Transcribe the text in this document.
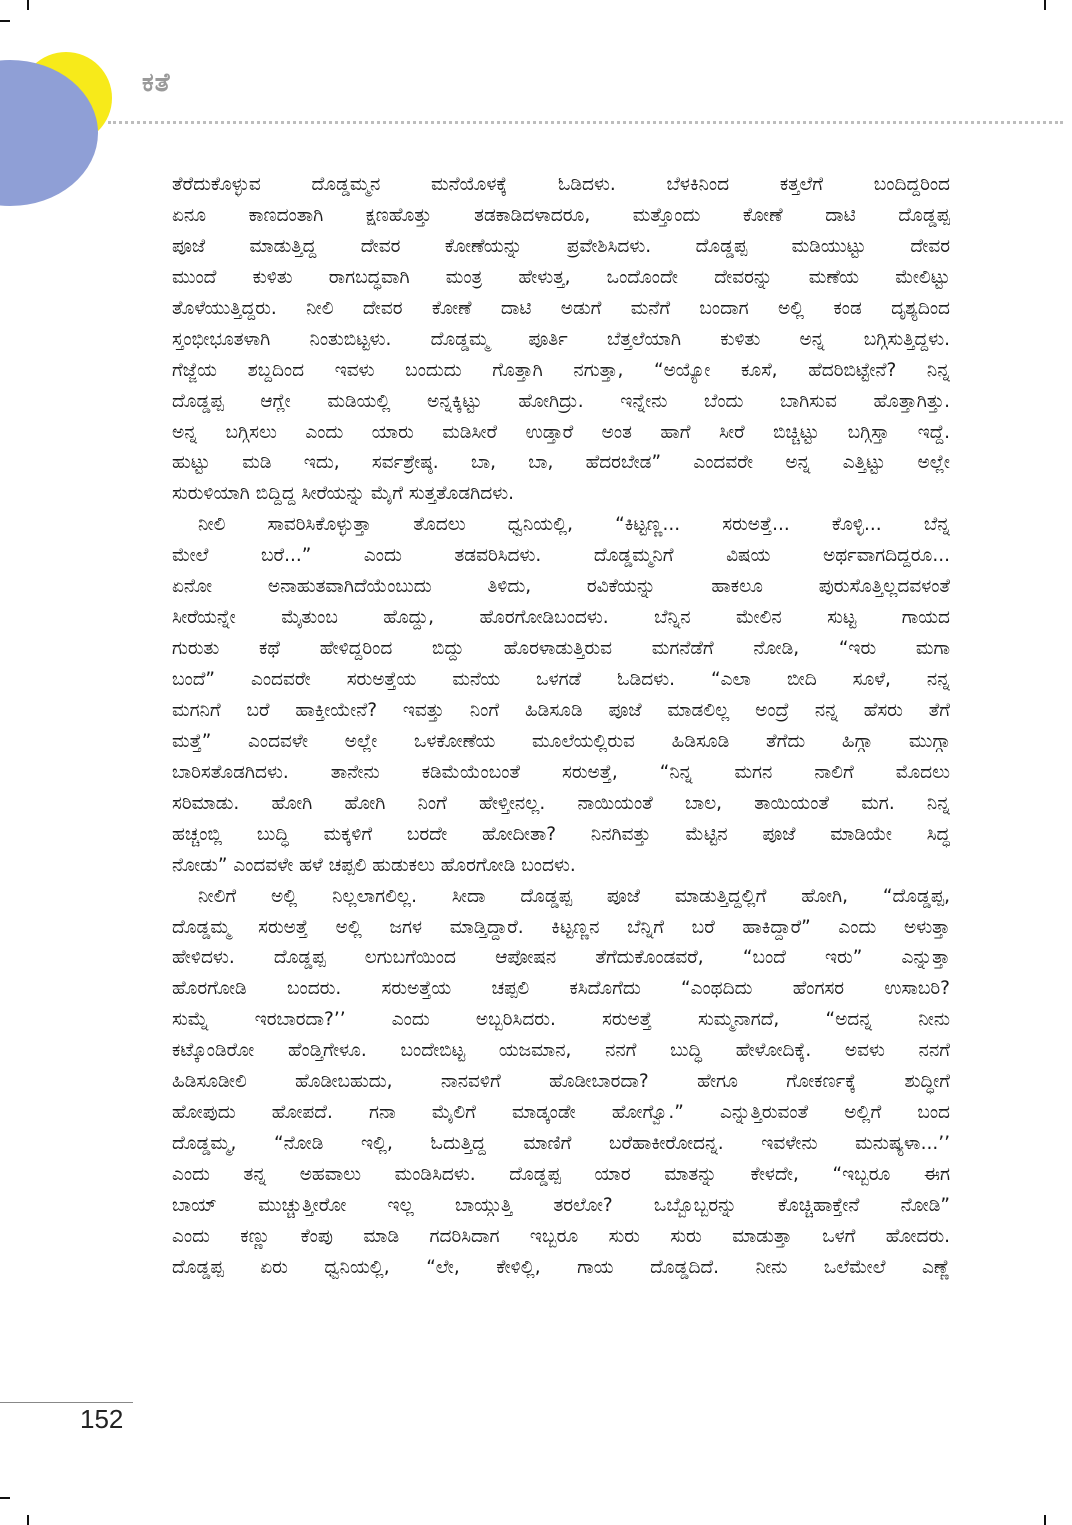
ಕತೆ
ತೆರೆದುಕೊಳ್ಳುವ ದೊಡ್ಡಮ್ಮನ ಮನೆಯೊಳಕ್ಕೆ ಓಡಿದಳು. ಬೆಳಕಿನಿಂದ ಕತ್ತಲೆಗೆ ಬಂದಿದ್ದರಿಂದ
ಏನೂ ಕಾಣದಂತಾಗಿ ಕ್ಷಣಹೊತ್ತು ತಡಕಾಡಿದಳಾದರೂ, ಮತ್ತೊಂದು ಕೋಣೆ ದಾಟಿ ದೊಡ್ಡಪ್ಪ
ಪೂಜೆ ಮಾಡುತ್ತಿದ್ದ ದೇವರ ಕೋಣೆಯನ್ನು ಪ್ರವೇಶಿಸಿದಳು. ದೊಡ್ಡಪ್ಪ ಮಡಿಯುಟ್ಟು ದೇವರ
ಮುಂದೆ ಕುಳಿತು ರಾಗಬದ್ಧವಾಗಿ ಮಂತ್ರ ಹೇಳುತ್ತ, ಒಂದೊಂದೇ ದೇವರನ್ನು ಮಣೆಯ ಮೇಲಿಟ್ಟು
ತೊಳೆಯುತ್ತಿದ್ದರು. ನೀಲಿ ದೇವರ ಕೋಣೆ ದಾಟಿ ಅಡುಗೆ ಮನೆಗೆ ಬಂದಾಗ ಅಲ್ಲಿ ಕಂಡ ದೃಶ್ಯದಿಂದ
ಸ್ತಂಭೀಭೂತಳಾಗಿ ನಿಂತುಬಿಟ್ಟಳು. ದೊಡ್ಡಮ್ಮ ಪೂರ್ತಿ ಬೆತ್ತಲೆಯಾಗಿ ಕುಳಿತು ಅನ್ನ ಬಗ್ಗಿಸುತ್ತಿದ್ದಳು.
ಗೆಜ್ಜೆಯ ಶಬ್ದದಿಂದ ಇವಳು ಬಂದುದು ಗೊತ್ತಾಗಿ ನಗುತ್ತಾ, “ಅಯ್ಯೋ ಕೂಸೆ, ಹೆದರಿಬಿಟ್ಟೇನೆ? ನಿನ್ನ
ದೊಡ್ಡಪ್ಪ ಆಗ್ಲೇ ಮಡಿಯಲ್ಲಿ ಅನ್ನಕ್ಕಿಟ್ಟು ಹೋಗಿದ್ರು. ಇನ್ನೇನು ಬೆಂದು ಬಾಗಿಸುವ ಹೊತ್ತಾಗಿತ್ತು.
ಅನ್ನ ಬಗ್ಗಿಸಲು ಎಂದು ಯಾರು ಮಡಿಸೀರೆ ಉಡ್ತಾರೆ ಅಂತ ಹಾಗೆ ಸೀರೆ ಬಿಚ್ಚಿಟ್ಟು ಬಗ್ಗಿಸ್ತಾ ಇದ್ದೆ.
ಹುಟ್ಟು ಮಡಿ ಇದು, ಸರ್ವಶ್ರೇಷ್ಠ. ಬಾ, ಬಾ, ಹೆದರಬೇಡ” ಎಂದವರೇ ಅನ್ನ ಎತ್ತಿಟ್ಟು ಅಲ್ಲೇ
ಸುರುಳಿಯಾಗಿ ಬಿದ್ದಿದ್ದ ಸೀರೆಯನ್ನು ಮೈಗೆ ಸುತ್ತತೊಡಗಿದಳು.
ನೀಲಿ ಸಾವರಿಸಿಕೊಳ್ಳುತ್ತಾ ತೊದಲು ಧ್ವನಿಯಲ್ಲಿ, “ಕಿಟ್ಟಣ್ಣ... ಸರುಅತ್ತೆ... ಕೊಳ್ಳಿ... ಬೆನ್ನ
ಮೇಲೆ ಬರೆ...” ಎಂದು ತಡವರಿಸಿದಳು. ದೊಡ್ಡಮ್ಮನಿಗೆ ವಿಷಯ ಅರ್ಥವಾಗದಿದ್ದರೂ...
ಏನೋ ಅನಾಹುತವಾಗಿದೆಯೆಂಬುದು ತಿಳಿದು, ರವಿಕೆಯನ್ನು ಹಾಕಲೂ ಪುರುಸೊತ್ತಿಲ್ಲದವಳಂತೆ
ಸೀರೆಯನ್ನೇ ಮೈತುಂಬ ಹೊದ್ದು, ಹೊರಗೋಡಿಬಂದಳು. ಬೆನ್ನಿನ ಮೇಲಿನ ಸುಟ್ಟ ಗಾಯದ
ಗುರುತು ಕಥೆ ಹೇಳಿದ್ದರಿಂದ ಬಿದ್ದು ಹೊರಳಾಡುತ್ತಿರುವ ಮಗನೆಡೆಗೆ ನೋಡಿ, “ಇರು ಮಗಾ
ಬಂದೆ” ಎಂದವರೇ ಸರುಅತ್ತೆಯ ಮನೆಯ ಒಳಗಡೆ ಓಡಿದಳು. “ಎಲಾ ಬೀದಿ ಸೂಳೆ, ನನ್ನ
ಮಗನಿಗೆ ಬರೆ ಹಾಕ್ತೀಯೇನೆ? ಇವತ್ತು ನಿಂಗೆ ಹಿಡಿಸೂಡಿ ಪೂಜೆ ಮಾಡಲಿಲ್ಲ ಅಂದ್ರೆ ನನ್ನ ಹೆಸರು ತೆಗೆ
ಮತ್ತೆ” ಎಂದವಳೇ ಅಲ್ಲೇ ಒಳಕೋಣೆಯ ಮೂಲೆಯಲ್ಲಿರುವ ಹಿಡಿಸೂಡಿ ತೆಗೆದು ಹಿಗ್ಗಾ ಮುಗ್ಗಾ
ಬಾರಿಸತೊಡಗಿದಳು. ತಾನೇನು ಕಡಿಮೆಯೆಂಬಂತೆ ಸರುಅತ್ತೆ, “ನಿನ್ನ ಮಗನ ನಾಲಿಗೆ ಮೊದಲು
ಸರಿಮಾಡು. ಹೋಗಿ ಹೋಗಿ ನಿಂಗೆ ಹೇಳ್ತೀನಲ್ಲ. ನಾಯಿಯಂತೆ ಬಾಲ, ತಾಯಿಯಂತೆ ಮಗ. ನಿನ್ನ
ಹಚ್ಚಂಬ್ಲಿ ಬುದ್ಧಿ ಮಕ್ಕಳಿಗೆ ಬರದೇ ಹೋದೀತಾ? ನಿನಗಿವತ್ತು ಮೆಟ್ಟಿನ ಪೂಜೆ ಮಾಡಿಯೇ ಸಿದ್ಧ
ನೋಡು” ಎಂದವಳೇ ಹಳೆ ಚಪ್ಪಲಿ ಹುಡುಕಲು ಹೊರಗೋಡಿ ಬಂದಳು.
ನೀಲಿಗೆ ಅಲ್ಲಿ ನಿಲ್ಲಲಾಗಲಿಲ್ಲ. ಸೀದಾ ದೊಡ್ಡಪ್ಪ ಪೂಜೆ ಮಾಡುತ್ತಿದ್ದಲ್ಲಿಗೆ ಹೋಗಿ, “ದೊಡ್ಡಪ್ಪ,
ದೊಡ್ಡಮ್ಮ ಸರುಅತ್ತೆ ಅಲ್ಲಿ ಜಗಳ ಮಾಡ್ತಿದ್ದಾರೆ. ಕಿಟ್ಟಣ್ಣನ ಬೆನ್ನಿಗೆ ಬರೆ ಹಾಕಿದ್ದಾರೆ” ಎಂದು ಅಳುತ್ತಾ
ಹೇಳಿದಳು. ದೊಡ್ಡಪ್ಪ ಲಗುಬಗೆಯಿಂದ ಆಪೋಷನ ತೆಗೆದುಕೊಂಡವರೆ, “ಬಂದೆ ಇರು” ಎನ್ನುತ್ತಾ
ಹೊರಗೋಡಿ ಬಂದರು. ಸರುಅತ್ತೆಯ ಚಪ್ಪಲಿ ಕಸಿದೊಗೆದು “ಎಂಥದಿದು ಹೆಂಗಸರ ಉಸಾಬರಿ?
ಸುಮ್ನೆ ಇರಬಾರದಾ?’’ ಎಂದು ಅಬ್ಬರಿಸಿದರು. ಸರುಅತ್ತೆ ಸುಮ್ಮನಾಗದೆ, “ಅದನ್ನ ನೀನು
ಕಟ್ಕೊಂಡಿರೋ ಹೆಂಡ್ತಿಗೇಳೂ. ಬಂದೇಬಿಟ್ಟ ಯಜಮಾನ, ನನಗೆ ಬುದ್ಧಿ ಹೇಳೋದಿಕ್ಕೆ. ಅವಳು ನನಗೆ
ಹಿಡಿಸೂಡೀಲಿ ಹೊಡೀಬಹುದು, ನಾನವಳಿಗೆ ಹೊಡೀಬಾರದಾ? ಹೇಗೂ ಗೋಕರ್ಣಕ್ಕೆ ಶುದ್ಧೀಗೆ
ಹೋಪುದು ಹೋಪದೆ. ಗನಾ ಮೈಲಿಗೆ ಮಾಡ್ಕಂಡೇ ಹೋಗ್ವೊ.” ಎನ್ನುತ್ತಿರುವಂತೆ ಅಲ್ಲಿಗೆ ಬಂದ
ದೊಡ್ಡಮ್ಮ, “ನೋಡಿ ಇಲ್ಲಿ, ಓದುತ್ತಿದ್ದ ಮಾಣಿಗೆ ಬರೆಹಾಕೀರೋದನ್ನ. ಇವಳೇನು ಮನುಷ್ಯಳಾ...’’
ಎಂದು ತನ್ನ ಅಹವಾಲು ಮಂಡಿಸಿದಳು. ದೊಡ್ಡಪ್ಪ ಯಾರ ಮಾತನ್ನು ಕೇಳದೇ, “ಇಬ್ಬರೂ ಈಗ
ಬಾಯ್ ಮುಚ್ಚುತ್ತೀರೋ ಇಲ್ಲ ಬಾಯ್ಗುತ್ತಿ ತರಲೋ? ಒಬ್ಬೊಬ್ಬರನ್ನು ಕೊಚ್ಚಿಹಾಕ್ತೇನೆ ನೋಡಿ”
ಎಂದು ಕಣ್ಣು ಕೆಂಪು ಮಾಡಿ ಗದರಿಸಿದಾಗ ಇಬ್ಬರೂ ಸುರು ಸುರು ಮಾಡುತ್ತಾ ಒಳಗೆ ಹೋದರು.
ದೊಡ್ಡಪ್ಪ ಏರು ಧ್ವನಿಯಲ್ಲಿ, “ಲೇ, ಕೇಳಿಲ್ಲಿ, ಗಾಯ ದೊಡ್ಡದಿದೆ. ನೀನು ಒಲೆಮೇಲೆ ಎಣ್ಣೆ
152
